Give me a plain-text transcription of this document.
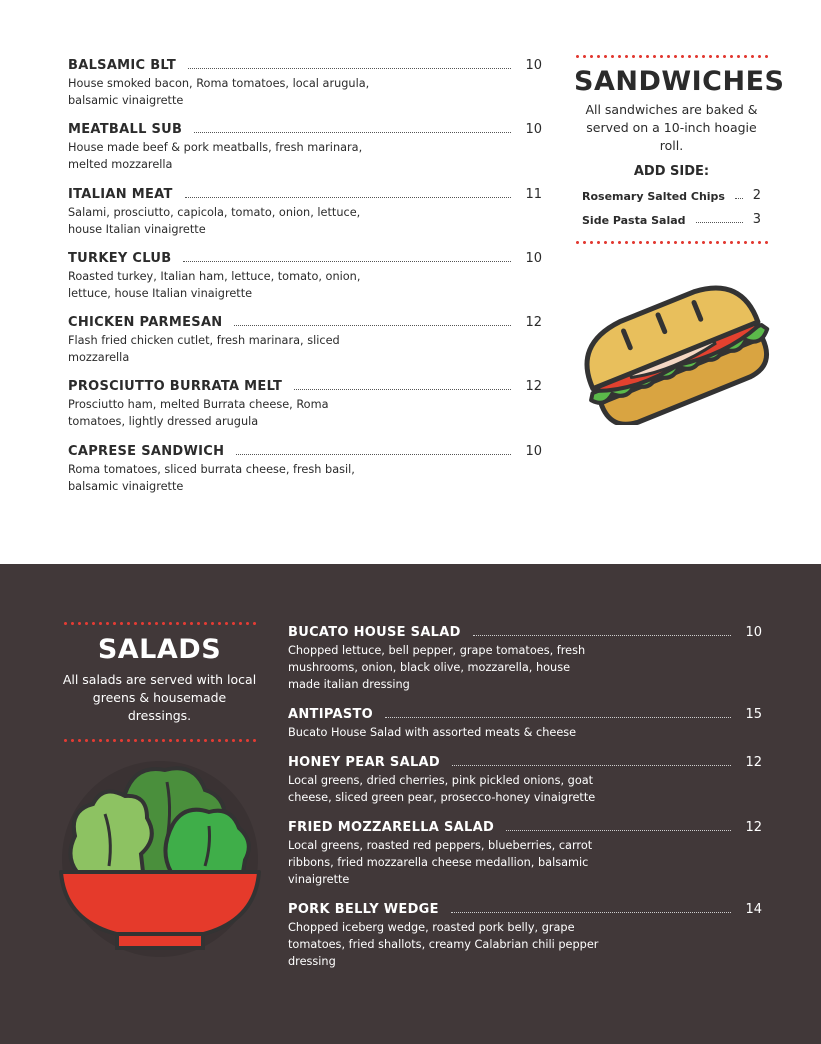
BALSAMIC BLT	10
House smoked bacon, Roma tomatoes, local arugula, balsamic vinaigrette
MEATBALL SUB	10
House made beef & pork meatballs, fresh marinara, melted mozzarella
ITALIAN MEAT	11
Salami, prosciutto, capicola, tomato, onion, lettuce, house Italian vinaigrette
TURKEY CLUB	10
Roasted turkey, Italian ham, lettuce, tomato, onion, lettuce, house Italian vinaigrette
CHICKEN PARMESAN	12
Flash fried chicken cutlet, fresh marinara, sliced mozzarella
PROSCIUTTO BURRATA MELT	12
Prosciutto ham, melted Burrata cheese, Roma tomatoes, lightly dressed arugula
CAPRESE SANDWICH	10
Roma tomatoes, sliced burrata cheese, fresh basil, balsamic vinaigrette
SANDWICHES
All sandwiches are baked & served on a 10-inch hoagie roll.
ADD SIDE:
Rosemary Salted Chips 2
Side Pasta Salad	3
SALADS
All salads are served with local greens & housemade dressings.
BUCATO HOUSE SALAD	10
Chopped lettuce, bell pepper, grape tomatoes, fresh mushrooms, onion, black olive, mozzarella, house made italian dressing
ANTIPASTO	15
Bucato House Salad with assorted meats & cheese
HONEY PEAR SALAD	12
Local greens, dried cherries, pink pickled onions, goat cheese, sliced green pear, prosecco-honey vinaigrette
FRIED MOZZARELLA SALAD	12
Local greens, roasted red peppers, blueberries, carrot ribbons, fried mozzarella cheese medallion, balsamic vinaigrette
PORK BELLY WEDGE	14
Chopped iceberg wedge, roasted pork belly, grape tomatoes, fried shallots, creamy Calabrian chili pepper dressing
